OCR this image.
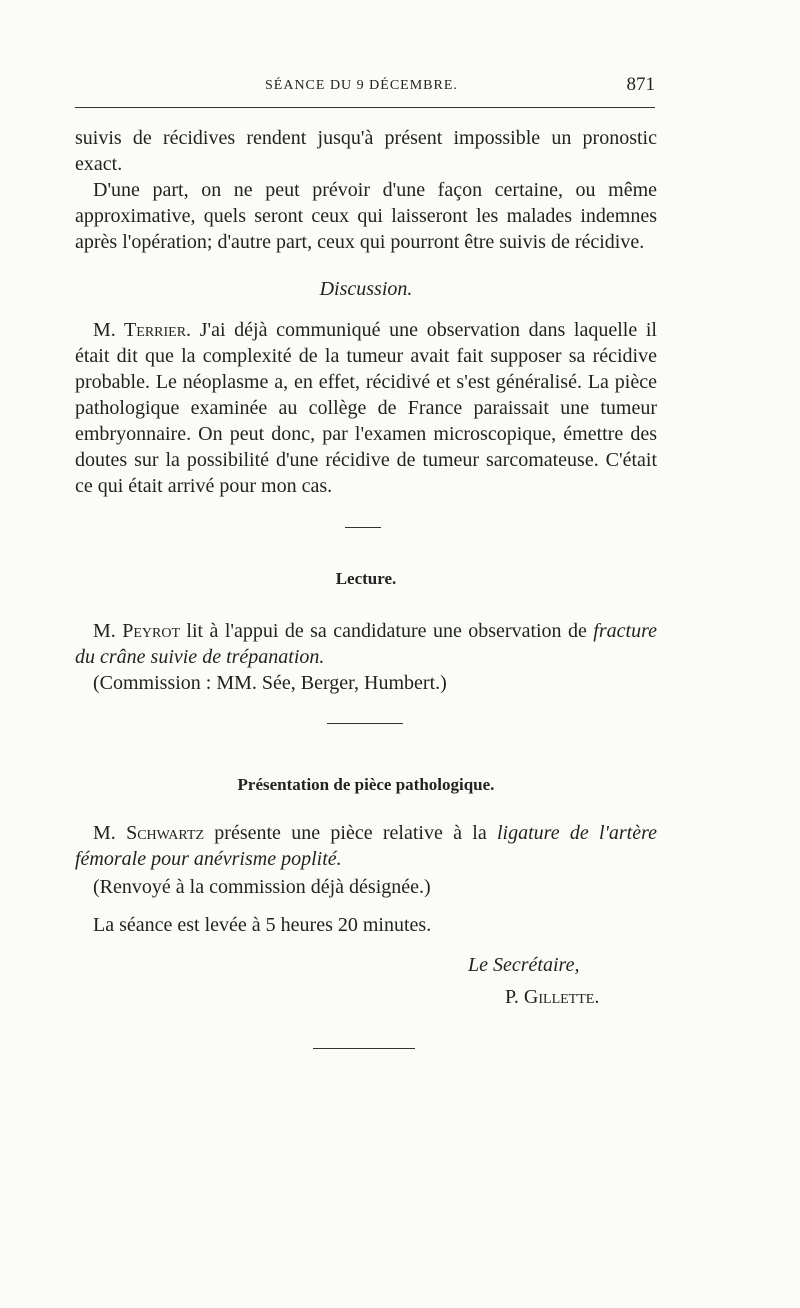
SÉANCE DU 9 DÉCEMBRE.	871
suivis de récidives rendent jusqu'à présent impossible un pronostic exact.
D'une part, on ne peut prévoir d'une façon certaine, ou même approximative, quels seront ceux qui laisseront les malades indemnes après l'opération; d'autre part, ceux qui pourront être suivis de récidive.
Discussion.
M. Terrier. J'ai déjà communiqué une observation dans laquelle il était dit que la complexité de la tumeur avait fait supposer sa récidive probable. Le néoplasme a, en effet, récidivé et s'est généralisé. La pièce pathologique examinée au collège de France paraissait une tumeur embryonnaire. On peut donc, par l'examen microscopique, émettre des doutes sur la possibilité d'une récidive de tumeur sarcomateuse. C'était ce qui était arrivé pour mon cas.
Lecture.
M. Peyrot lit à l'appui de sa candidature une observation de fracture du crâne suivie de trépanation.
(Commission : MM. Sée, Berger, Humbert.)
Présentation de pièce pathologique.
M. Schwartz présente une pièce relative à la ligature de l'artère fémorale pour anévrisme poplité.
(Renvoyé à la commission déjà désignée.)
La séance est levée à 5 heures 20 minutes.
Le Secrétaire,
P. Gillette.
